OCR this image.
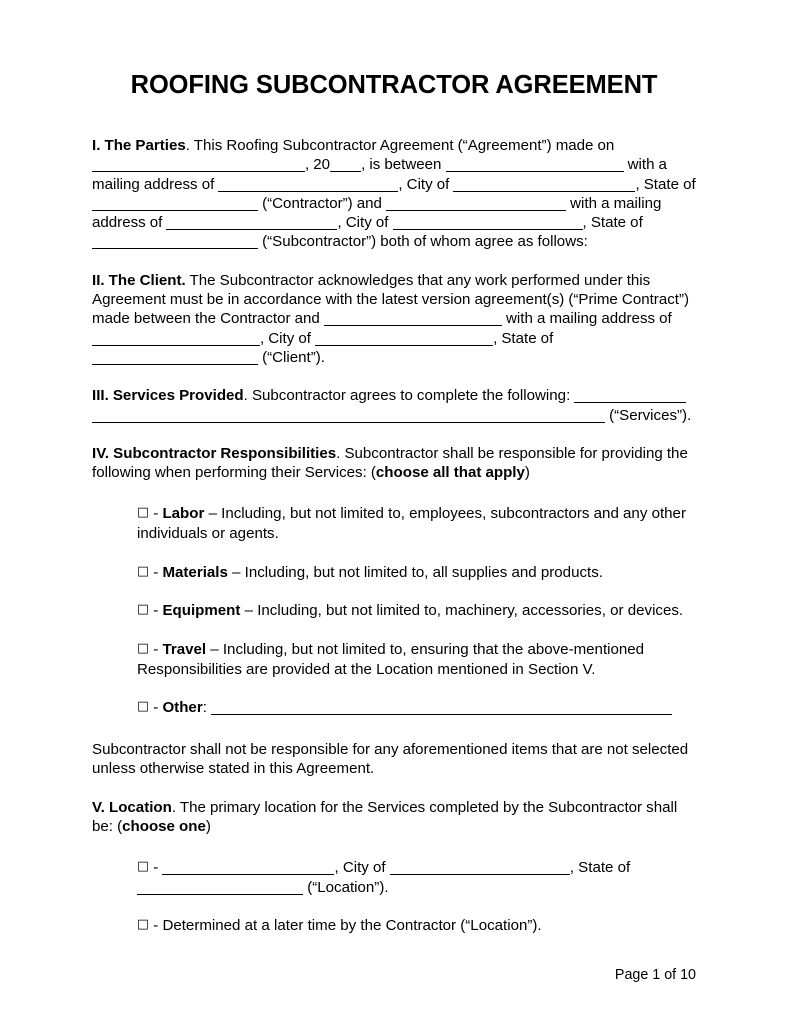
ROOFING SUBCONTRACTOR AGREEMENT

I. The Parties. This Roofing Subcontractor Agreement (“Agreement”) made on , 20 , is between	with a mailing address of	, City of	, State of  (“Contractor”) and	with a mailing address of	, City of	, State of  (“Subcontractor”) both of whom agree as follows:

II. The Client. The Subcontractor acknowledges that any work performed under this Agreement must be in accordance with the latest version agreement(s) (“Prime Contract”) made between the Contractor and	with a mailing address of , City of	, State of  (“Client”).

III. Services Provided. Subcontractor agrees to complete the following:  (“Services”).

IV. Subcontractor Responsibilities. Subcontractor shall be responsible for providing the following when performing their Services: (choose all that apply)

☐ - Labor – Including, but not limited to, employees, subcontractors and any other individuals or agents.

☐ - Materials – Including, but not limited to, all supplies and products.

☐ - Equipment – Including, but not limited to, machinery, accessories, or devices.

☐ - Travel – Including, but not limited to, ensuring that the above-mentioned Responsibilities are provided at the Location mentioned in Section V.

☐ - Other:

Subcontractor shall not be responsible for any aforementioned items that are not selected unless otherwise stated in this Agreement.

V. Location. The primary location for the Services completed by the Subcontractor shall be: (choose one)

☐ -	, City of	, State of  (“Location”).

☐ - Determined at a later time by the Contractor (“Location”).

Page 1 of 10
